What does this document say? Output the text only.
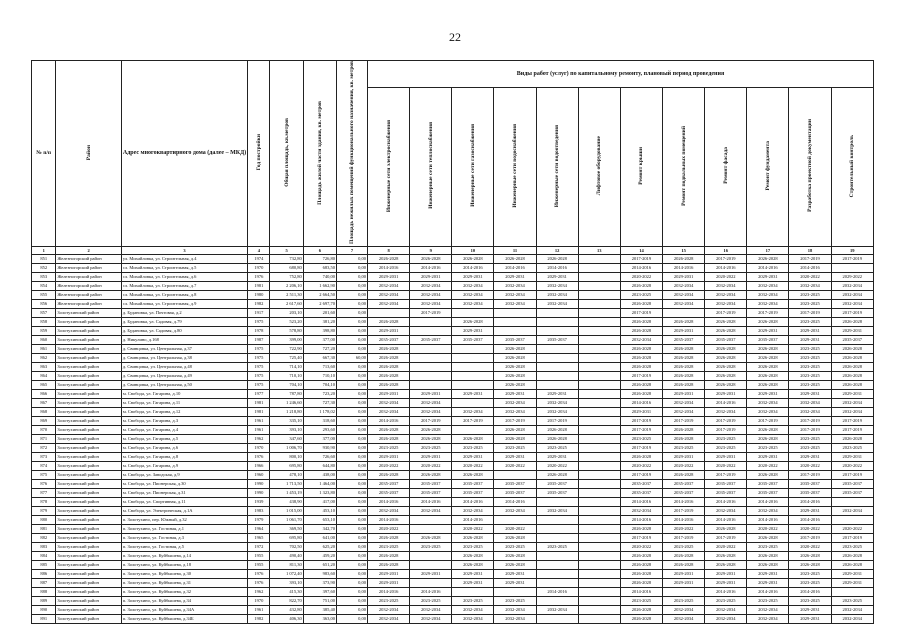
22
№ п/п	Район	Адрес многоквартирного дома (далее – МКД)	Год постройки	Общая площадь, кв.метров	Площадь жилой части здания, кв. метров	Площадь нежилых помещений функционального назначения, кв. метров	Виды работ (услуг) по капитальному ремонту, плановый период проведения											
							Инженерные сети электроснабжения	Инженерные сети теплоснабжения	Инженерные сети газоснабжения	Инженерные сети водоснабжения	Инженерные сети водоотведения	Лифтовое оборудование	Ремонт крыши	Ремонт подвальных помещений	Ремонт фасада	Ремонт фундамента	Разработка проектной документации	Строительный контроль
1	2	3	4	5	6	7	8	9	10	11	12	13	14	15	16	17	18	19
851	Железногорский район	ул. Михайловка, ул. Строительная, д.4	1974	732,80	726,80	0,00	2026-2028	2026-2028	2026-2028	2026-2028	2026-2028		2017-2019	2026-2028	2017-2019	2026-2028	2017-2019	2017-2019
852	Железногорский район	сл. Михайловка, ул. Строительная, д.5	1970	680,80	683,50	0,00	2014-2016	2014-2016	2014-2016	2014-2016	2014-2016		2014-2016	2014-2016	2014-2016	2014-2016	2014-2016	
853	Железногорский район	сл. Михайловка, ул. Строительная, д.6	1976	752,80	740,00	0,00	2029-2031	2029-2031	2029-2031	2029-2031	2029-2031		2020-2022	2029-2031	2020-2022	2029-2031	2020-2022	2029-2022
854	Железногорский район	сл. Михайловка, ул. Строительная, д.7	1981	2 206,10	1 662,90	0,00	2032-2034	2032-2034	2032-2034	2032-2034	2032-2034		2026-2028	2032-2034	2032-2034	2032-2034	2032-2034	2032-2034
855	Железногорский район	сл. Михайловка, ул. Строительная, д.8	1980	2 511,30	2 664,50	0,00	2032-2034	2032-2034	2032-2034	2032-2034	2032-2034		2023-2025	2032-2034	2032-2034	2032-2034	2023-2025	2032-2034
856	Железногорский район	сл. Михайловка, ул. Строительная, д.9	1982	2 617,60	2 697,70	0,00	2032-2034	2032-2034	2032-2034	2032-2034	2032-2034		2026-2028	2032-2034	2032-2034	2032-2034	2023-2025	2032-2034
857	Золотухинский район	д. Будановка, ул. Почтовая, д.2	1917	203,10	201,60	0,00		2017-2019					2017-2019		2017-2019	2017-2019	2017-2019	2017-2019
858	Золотухинский район	д. Будановка, ул. Садовая, д.79	1975	523,20	381,20	0,00	2026-2028		2026-2028				2026-2028	2026-2028	2026-2028	2026-2028	2023-2025	2026-2028
859	Золотухинский район	д. Будановка, ул. Садовая, д.80	1978	578,80	398,80	0,00	2029-2031		2029-2031				2026-2028	2029-2031	2026-2028	2029-2031	2029-2031	2029-2031
860	Золотухинский район	д. Никулино, д.168	1987	399,00	377,00	0,00	2035-2037	2035-2037	2035-2037	2035-2037	2035-2037		2032-2034	2035-2037	2035-2037	2035-2037	2029-2031	2035-2037
861	Золотухинский район	д. Свинцовка, ул. Центральная, д.37	1975	722,90	727,20	0,00	2026-2028			2026-2028			2026-2028	2026-2028	2026-2028	2026-2028	2023-2025	2026-2028
862	Золотухинский район	д. Свинцовка, ул. Центральная, д.38	1975	725,40	667,30	60,00	2026-2028			2026-2028			2026-2028	2026-2028	2026-2028	2026-2028	2023-2025	2026-2028
863	Золотухинский район	д. Свинцовка, ул. Центральная, д.48	1975	714,10	713,60	0,00	2026-2028			2026-2028			2026-2028	2026-2028	2026-2028	2026-2028	2023-2025	2026-2028
864	Золотухинский район	д. Свинцовка, ул. Центральная, д.49	1975	710,10	710,10	0,00	2026-2028			2026-2028			2017-2019	2026-2028	2026-2028	2026-2028	2023-2025	2026-2028
865	Золотухинский район	д. Свинцовка, ул. Центральная, д.50	1975	704,10	704,10	0,00	2026-2028			2026-2028			2026-2028	2026-2028	2026-2028	2026-2028	2023-2025	2026-2028
866	Золотухинский район	м. Свобода, ул. Гагарина, д.10	1977	787,80	723,20	0,00	2029-2031	2029-2031	2029-2031	2029-2031	2029-2031		2026-2028	2029-2031	2029-2031	2029-2031	2029-2031	2029-2031
867	Золотухинский район	м. Свобода, ул. Гагарина, д.11	1981	1 246,60	727,30	0,00	2032-2034	2032-2034		2032-2034	2032-2034		2014-2016	2032-2034	2014-2016	2032-2034	2032-2034	2032-2034
868	Золотухинский район	м. Свобода, ул. Гагарина, д.12	1981	1 218,80	1 178,02	0,00	2032-2034	2032-2034	2032-2034	2032-2034	2032-2034		2029-2031	2032-2034	2032-2034	2032-2034	2032-2034	2032-2034
869	Золотухинский район	м. Свобода, ул. Гагарина, д.3	1961	335,10	318,60	0,00	2014-2016	2017-2019	2017-2019	2017-2019	2017-2019		2017-2019	2017-2019	2017-2019	2017-2019	2017-2019	2017-2019
870	Золотухинский район	м. Свобода, ул. Гагарина, д.4	1961	393,10	293,60	0,00	2026-2028	2026-2028		2026-2028	2026-2028		2017-2019	2026-2028	2017-2019	2026-2028	2017-2019	2017-2019
871	Золотухинский район	м. Свобода, ул. Гагарина, д.5	1962	347,60	377,00	0,00	2026-2028	2026-2028	2026-2028	2026-2028	2026-2028		2023-2025	2026-2028	2023-2025	2026-2028	2023-2025	2026-2028
872	Золотухинский район	м. Свобода, ул. Гагарина, д.6	1970	1 006,70	930,90	0,00	2023-2025	2023-2025	2023-2025	2023-2025	2023-2025		2017-2019	2023-2025	2023-2025	2023-2025	2023-2025	2023-2025
873	Золотухинский район	м. Свобода, ул. Гагарина, д.8	1976	800,10	726,60	0,00	2029-2031	2029-2031	2029-2031	2029-2031	2029-2031		2026-2028	2029-2031	2029-2031	2029-2031	2029-2031	2029-2031
874	Золотухинский район	м. Свобода, ул. Гагарина, д.9	1966	695,80	644,80	0,00	2020-2022	2020-2022	2020-2022	2020-2022	2020-2022		2020-2022	2020-2022	2020-2022	2020-2022	2020-2022	2020-2022
875	Золотухинский район	м. Свобода, ул. Заводская, д.9	1960	478,10	438,00	0,00	2026-2028	2026-2028	2026-2028		2026-2028		2017-2019	2026-2028	2017-2019	2026-2028	2017-2019	2017-2019
876	Золотухинский район	м. Свобода, ул. Пионерская, д.30	1990	1 713,50	1 464,00	0,00	2035-2037	2035-2037	2035-2037	2035-2037	2035-2037		2035-2037	2035-2037	2035-2037	2035-2037	2035-2037	2035-2037
877	Золотухинский район	м. Свобода, ул. Пионерская, д.31	1990	1 453,19	1 323,80	0,00	2035-2037	2035-2037	2035-2037	2035-2037	2035-2037		2035-2037	2035-2037	2035-2037	2035-2037	2035-2037	2035-2037
878	Золотухинский район	м. Свобода, ул. Спортивная, д.11	1939	438,90	417,00	0,00	2014-2016	2014-2016	2014-2016	2014-2016			2014-2016	2014-2016	2014-2016	2014-2016	2014-2016	
879	Золотухинский район	м. Свобода, ул. Электрическая, д.1А	1983	1 015,00	453,10	0,00	2032-2034	2032-2034	2032-2034	2032-2034	2032-2034		2032-2034	2017-2019	2032-2034	2032-2034	2029-2031	2032-2034
880	Золотухинский район	п. Золотухино, пер. Южный, д.32	1979	1 061,70	653,10	0,00	2014-2016		2014-2016				2014-2016	2014-2016	2014-2016	2014-2016	2014-2016	
881	Золотухинский район	п. Золотухино, ул. Гостиная, д.1	1964	369,50	342,70	0,00	2020-2022		2020-2022	2020-2022			2026-2028	2020-2022	2026-2028	2020-2022	2020-2022	2020-2022
882	Золотухинский район	п. Золотухино, ул. Гостиная, д.3	1965	695,80	641,00	0,00	2026-2028	2026-2028	2026-2028	2026-2028			2017-2019	2017-2019	2017-2019	2026-2028	2017-2019	2017-2019
883	Золотухинский район	п. Золотухино, ул. Гостиная, д.5	1972	702,50	625,20	0,00	2023-2025	2023-2025	2023-2025	2023-2025	2023-2025		2020-2022	2023-2025	2020-2022	2023-2025	2020-2022	2023-2025
884	Золотухинский район	п. Золотухино, ул. Куйбышева, д.14	1955	490,40	459,20	0,00	2026-2028		2026-2028	2026-2028			2026-2028	2026-2028	2026-2028	2026-2028	2026-2028	2026-2028
885	Золотухинский район	п. Золотухино, ул. Куйбышева, д.18	1955	811,30	651,20	0,00	2026-2028		2026-2028	2026-2028			2026-2028	2026-2028	2026-2028	2026-2028	2026-2028	2026-2028
886	Золотухинский район	п. Золотухино, ул. Куйбышева, д.30	1976	1 072,40	983,60	0,00	2029-2031	2029-2031	2029-2031	2029-2031			2026-2028	2029-2031	2029-2031	2029-2031	2023-2025	2029-2031
887	Золотухинский район	п. Золотухино, ул. Куйбышева, д.31	1976	393,10	373,90	0,00	2029-2031		2029-2031	2029-2031			2026-2028	2029-2031	2029-2031	2029-2031	2023-2025	2029-2031
888	Золотухинский район	п. Золотухино, ул. Куйбышева, д.32	1962	415,30	397,60	0,00	2014-2016	2014-2016			2014-2016		2014-2016		2014-2016	2014-2016	2014-2016	
889	Золотухинский район	п. Золотухино, ул. Куйбышева, д.34	1970	822,70	751,00	0,00	2023-2025	2023-2025	2023-2025	2023-2025			2023-2025	2023-2025	2023-2025	2023-2025	2023-2025	2023-2025
890	Золотухинский район	п. Золотухино, ул. Куйбышева, д.34А	1961	432,80	385,40	0,00	2032-2034	2032-2034	2032-2034	2032-2034	2032-2034		2026-2028	2032-2034	2032-2034	2032-2034	2029-2031	2032-2034
891	Золотухинский район	п. Золотухино, ул. Куйбышева, д.34Б	1982	406,30	363,00	0,00	2032-2034	2032-2034	2032-2034	2032-2034			2026-2028	2032-2034	2032-2034	2032-2034	2029-2031	2032-2034
